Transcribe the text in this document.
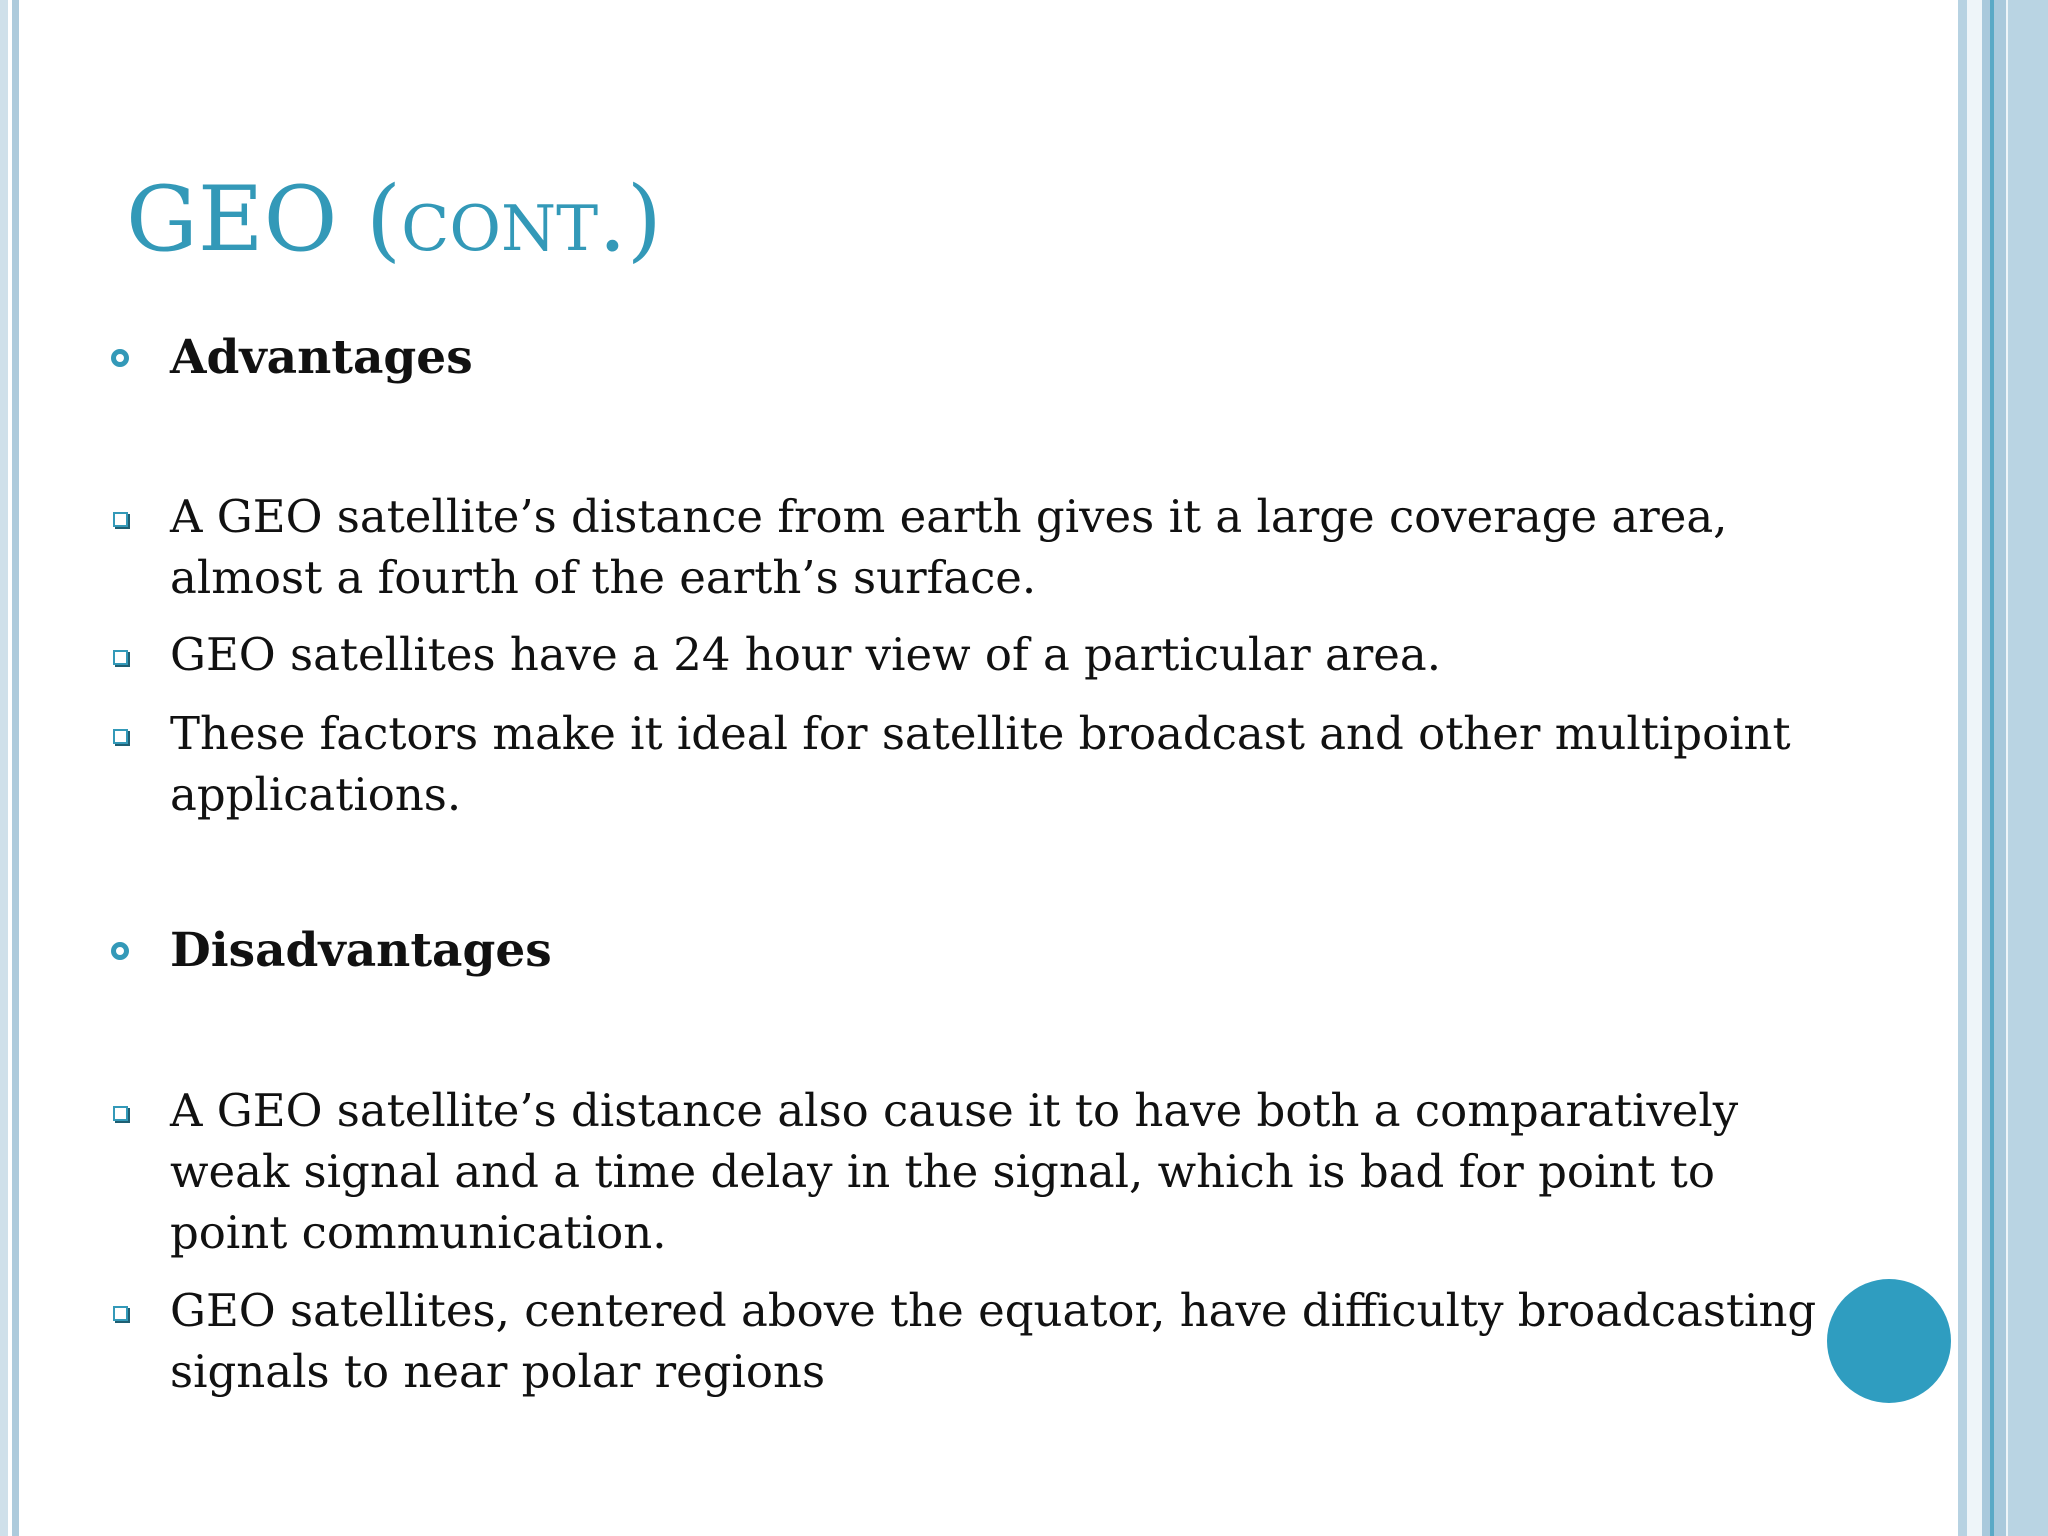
GEO (cont.)
Advantages
A GEO satellite’s distance from earth gives it a large coverage area,
almost a fourth of the earth’s surface.
GEO satellites have a 24 hour view of a particular area.
These factors make it ideal for satellite broadcast and other multipoint
applications.
Disadvantages
A GEO satellite’s distance also cause it to have both a comparatively
weak signal and a time delay in the signal, which is bad for point to
point communication.
GEO satellites, centered above the equator, have difficulty broadcasting
signals to near polar regions
